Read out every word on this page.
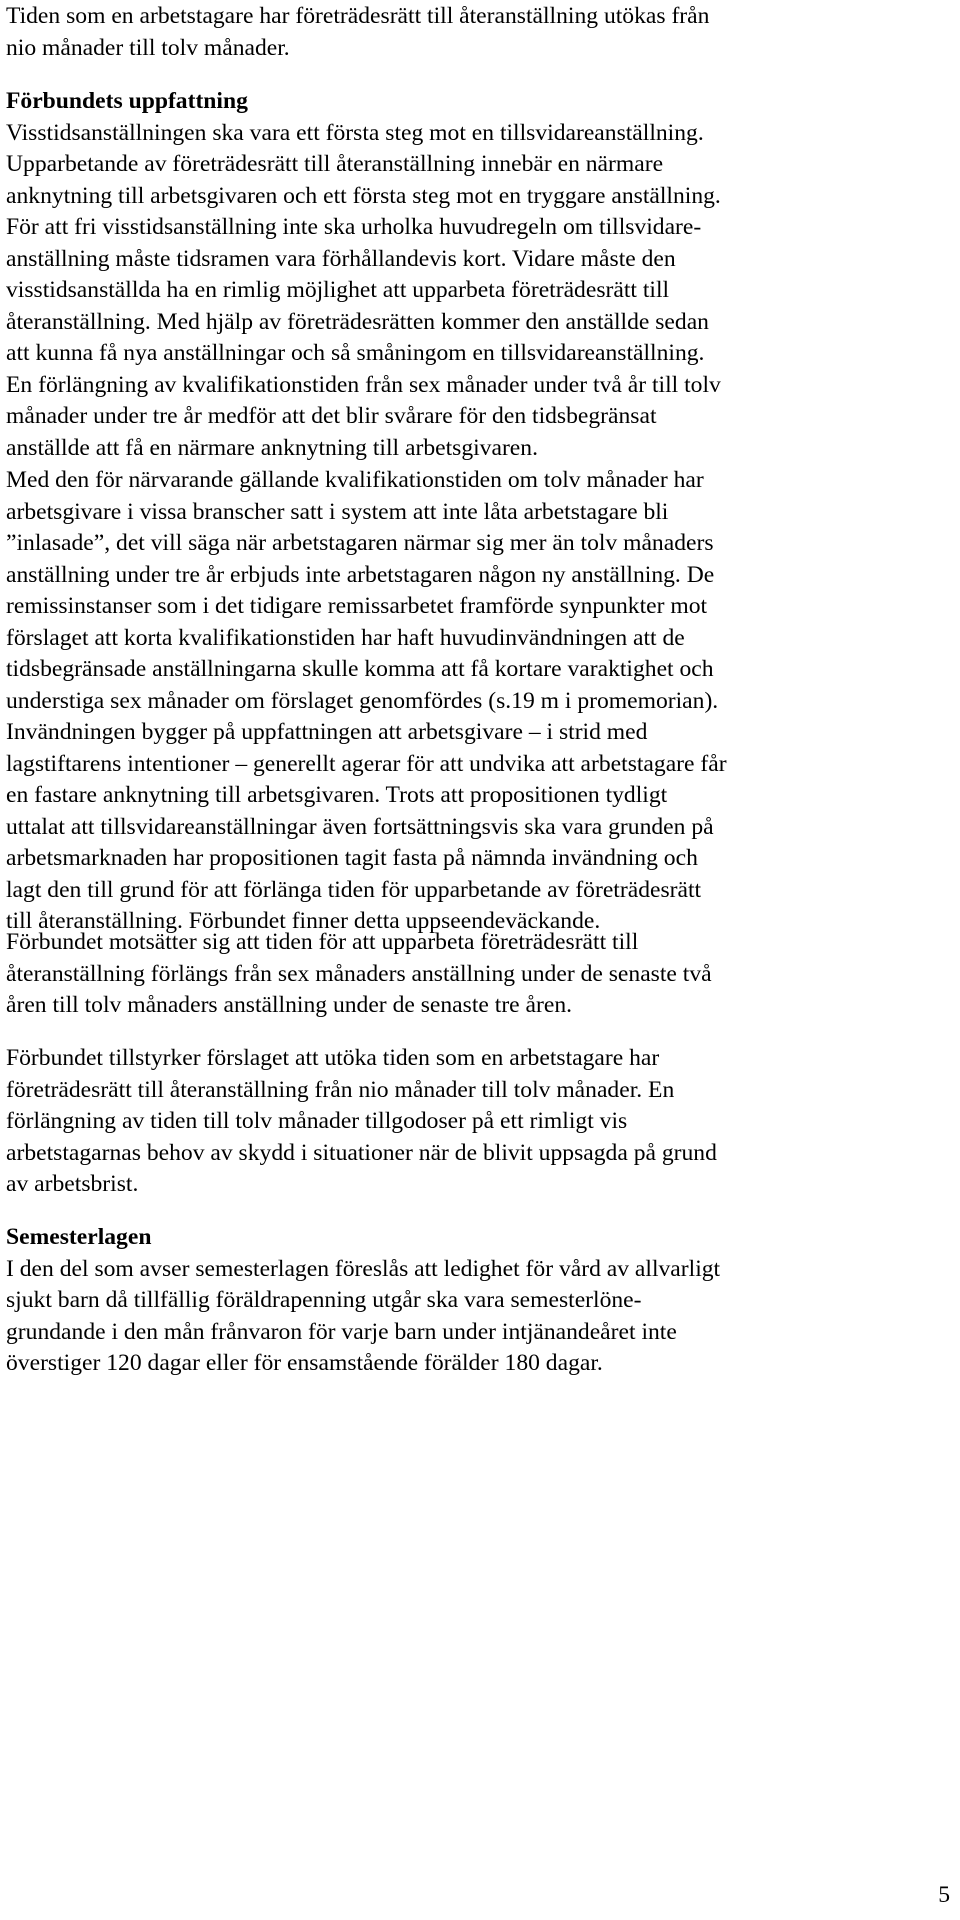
Tiden som en arbetstagare har företrädesrätt till återanställning utökas från
nio månader till tolv månader.
Förbundets uppfattning
Visstidsanställningen ska vara ett första steg mot en tillsvidareanställning.
Upparbetande av företrädesrätt till återanställning innebär en närmare
anknytning till arbetsgivaren och ett första steg mot en tryggare anställning.
För att fri visstidsanställning inte ska urholka huvudregeln om tillsvidare-
anställning måste tidsramen vara förhållandevis kort. Vidare måste den
visstidsanställda ha en rimlig möjlighet att upparbeta företrädesrätt till
återanställning. Med hjälp av företrädesrätten kommer den anställde sedan
att kunna få nya anställningar och så småningom en tillsvidareanställning.
En förlängning av kvalifikationstiden från sex månader under två år till tolv
månader under tre år medför att det blir svårare för den tidsbegränsat
anställde att få en närmare anknytning till arbetsgivaren.
Med den för närvarande gällande kvalifikationstiden om tolv månader har
arbetsgivare i vissa branscher satt i system att inte låta arbetstagare bli
”inlasade”, det vill säga när arbetstagaren närmar sig mer än tolv månaders
anställning under tre år erbjuds inte arbetstagaren någon ny anställning. De
remissinstanser som i det tidigare remissarbetet framförde synpunkter mot
förslaget att korta kvalifikationstiden har haft huvudinvändningen att de
tidsbegränsade anställningarna skulle komma att få kortare varaktighet och
understiga sex månader om förslaget genomfördes (s.19 m i promemorian).
Invändningen bygger på uppfattningen att arbetsgivare – i strid med
lagstiftarens intentioner – generellt agerar för att undvika att arbetstagare får
en fastare anknytning till arbetsgivaren. Trots att propositionen tydligt
uttalat att tillsvidareanställningar även fortsättningsvis ska vara grunden på
arbetsmarknaden har propositionen tagit fasta på nämnda invändning och
lagt den till grund för att förlänga tiden för upparbetande av företrädesrätt
till återanställning. Förbundet finner detta uppseendeväckande.
Förbundet motsätter sig att tiden för att upparbeta företrädesrätt till
återanställning förlängs från sex månaders anställning under de senaste två
åren till tolv månaders anställning under de senaste tre åren.
Förbundet tillstyrker förslaget att utöka tiden som en arbetstagare har
företrädesrätt till återanställning från nio månader till tolv månader. En
förlängning av tiden till tolv månader tillgodoser på ett rimligt vis
arbetstagarnas behov av skydd i situationer när de blivit uppsagda på grund
av arbetsbrist.
Semesterlagen
I den del som avser semesterlagen föreslås att ledighet för vård av allvarligt
sjukt barn då tillfällig föräldrapenning utgår ska vara semesterlöne-
grundande i den mån frånvaron för varje barn under intjänandeåret inte
överstiger 120 dagar eller för ensamstående förälder 180 dagar.
5
